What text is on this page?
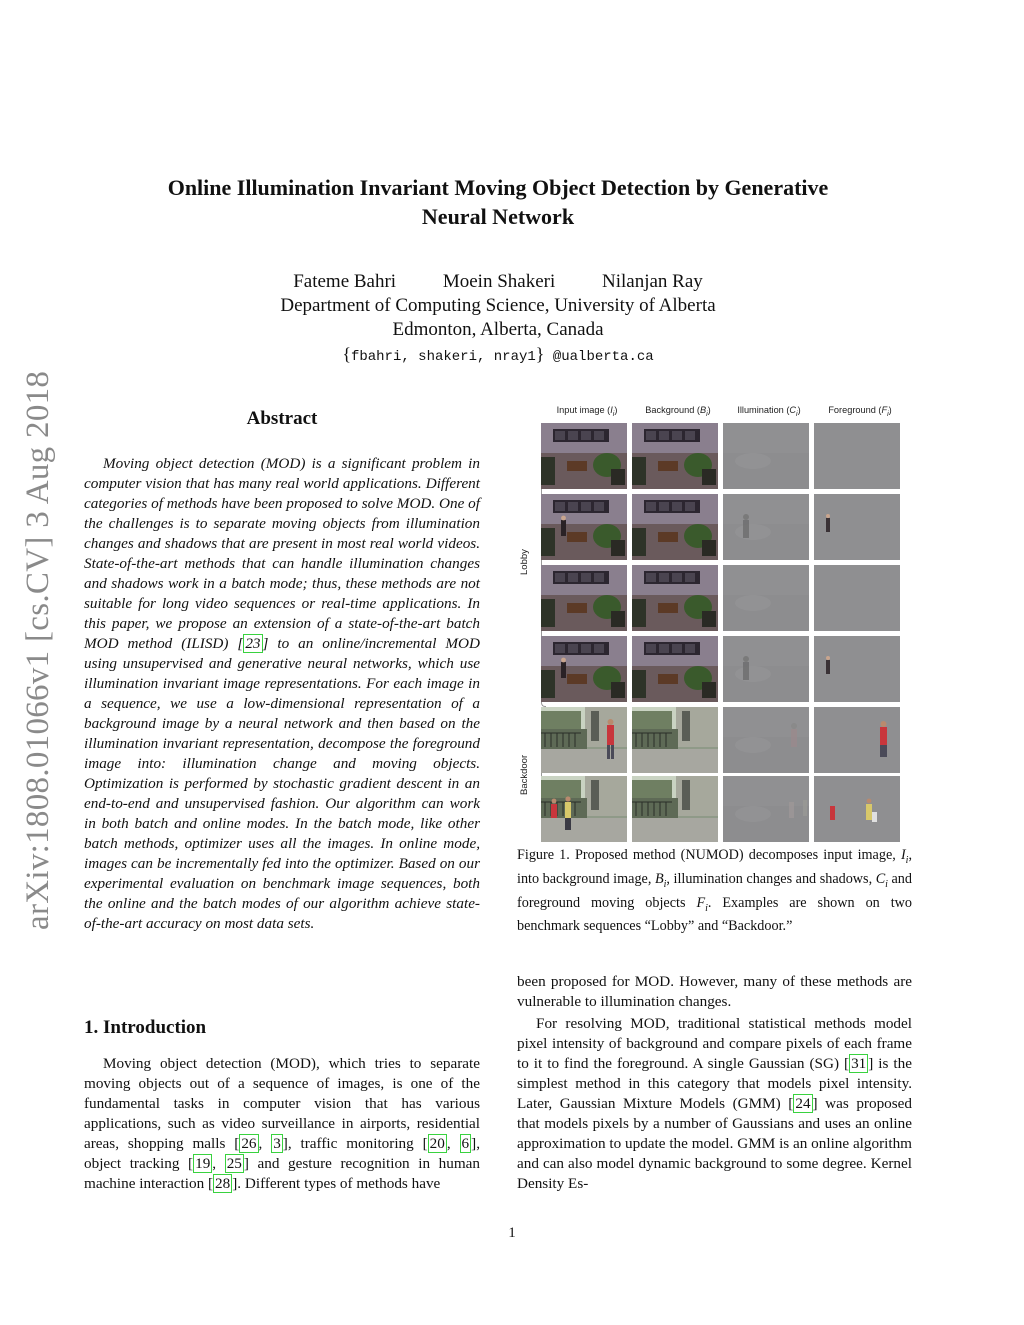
Online Illumination Invariant Moving Object Detection by Generative Neural Network
Fateme Bahri Moein Shakeri Nilanjan Ray
Department of Computing Science, University of Alberta
Edmonton, Alberta, Canada
{fbahri, shakeri, nray1} @ualberta.ca
arXiv:1808.01066v1 [cs.CV] 3 Aug 2018	Abstract
Moving object detection (MOD) is a significant problem in computer vision that has many real world applications. Different categories of methods have been proposed to solve MOD. One of the challenges is to separate moving objects from illumination changes and shadows that are present in most real world videos. State-of-the-art methods that can handle illumination changes and shadows work in a batch mode; thus, these methods are not suitable for long video sequences or real-time applications. In this paper, we propose an extension of a state-of-the-art batch MOD method (ILISD) [ 23 ] to an online/incremental MOD using unsupervised and generative neural networks, which use illumination invariant image representations. For each image in a sequence, we use a low-dimensional representation of a background image by a neural network and then based on the illumination invariant representation, decompose the foreground image into: illumination change and moving objects. Optimization is performed by stochastic gradient descent in an end-to-end and unsupervised fashion. Our algorithm can work in both batch and online modes. In the batch mode, like other batch methods, optimizer uses all the images. In online mode, images can be incrementally fed into the optimizer. Based on our experimental evaluation on benchmark image sequences, both the online and the batch modes of our algorithm achieve state-of-the-art accuracy on most data sets.
1. Introduction
Moving object detection (MOD), which tries to separate moving objects out of a sequence of images, is one of the fundamental tasks in computer vision that has various applications, such as video surveillance in airports, residential areas, shopping malls [ 26 , 3 ], traffic monitoring [ 20 , 6 ], object tracking [ 19 , 25 ] and gesture recognition in human machine interaction [ 28 ]. Different types of methods have
Input image $(I_i)$	Background $(B_i)$	Illumination $(C_i)$	Foreground $(F_i)$
Lobby
Backdoor
Figure 1. Proposed method (NUMOD) decomposes input image, $I_i$, into background image, $B_i$, illumination changes and shadows, $C_i$ and foreground moving objects $F_i$. Examples are shown on two benchmark sequences “Lobby” and “Backdoor.”

been proposed for MOD. However, many of these methods are vulnerable to illumination changes.

For resolving MOD, traditional statistical methods model pixel intensity of background and compare pixels of each frame to it to find the foreground. A single Gaussian (SG) [ 31 ] is the simplest method in this category that models pixel intensity. Later, Gaussian Mixture Models (GMM) [ 24 ] was proposed that models pixels by a number of Gaussians and uses an online approximation to update the model. GMM is an online algorithm and can also model dynamic background to some degree. Kernel Density Es-

1
